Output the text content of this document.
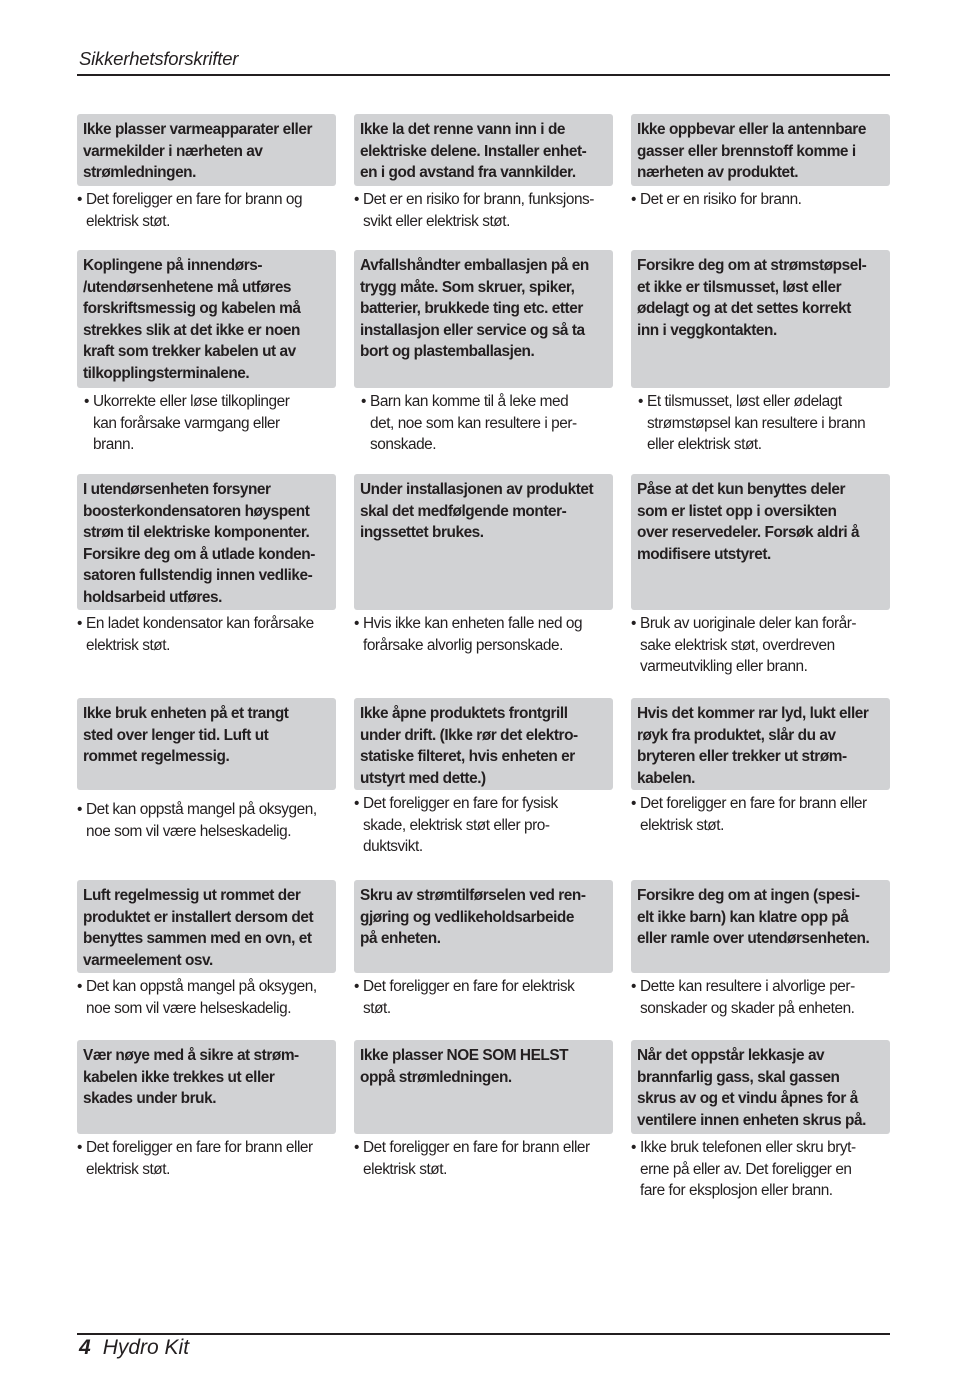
Sikkerhetsforskrifter
Ikke plasser varmeapparater eller
varmekilder i nærheten av
strømledningen.
• Det foreligger en fare for brann og
elektrisk støt.
Ikke la det renne vann inn i de
elektriske delene. Installer enhet-
en i god avstand fra vannkilder.
• Det er en risiko for brann, funksjons-
svikt eller elektrisk støt.
Ikke oppbevar eller la antennbare
gasser eller brennstoff komme i
nærheten av produktet.
• Det er en risiko for brann.
Koplingene på innendørs-
/utendørsenhetene må utføres
forskriftsmessig og kabelen må
strekkes slik at det ikke er noen
kraft som trekker kabelen ut av
tilkopplingsterminalene.
• Ukorrekte eller løse tilkoplinger
kan forårsake varmgang eller
brann.
Avfallshåndter emballasjen på en
trygg måte. Som skruer, spiker,
batterier, brukkede ting etc. etter
installasjon eller service og så ta
bort og plastemballasjen.
• Barn kan komme til å leke med
det, noe som kan resultere i per-
sonskade.
Forsikre deg om at strømstøpsel-
et ikke er tilsmusset, løst eller
ødelagt og at det settes korrekt
inn i veggkontakten.
• Et tilsmusset, løst eller ødelagt
strømstøpsel kan resultere i brann
eller elektrisk støt.
I utendørsenheten forsyner
boosterkondensatoren høyspent
strøm til elektriske komponenter.
Forsikre deg om å utlade konden-
satoren fullstendig innen vedlike-
holdsarbeid utføres.
• En ladet kondensator kan forårsake
elektrisk støt.
Under installasjonen av produktet
skal det medfølgende monter-
ingssettet brukes.
• Hvis ikke kan enheten falle ned og
forårsake alvorlig personskade.
Påse at det kun benyttes deler
som er listet opp i oversikten
over reservedeler. Forsøk aldri å
modifisere utstyret.
• Bruk av uoriginale deler kan forår-
sake elektrisk støt, overdreven
varmeutvikling eller brann.
Ikke bruk enheten på et trangt
sted over lenger tid. Luft ut
rommet regelmessig.
• Det kan oppstå mangel på oksygen,
noe som vil være helseskadelig.
Ikke åpne produktets frontgrill
under drift. (Ikke rør det elektro-
statiske filteret, hvis enheten er
utstyrt med dette.)
• Det foreligger en fare for fysisk
skade, elektrisk støt eller pro-
duktsvikt.
Hvis det kommer rar lyd, lukt eller
røyk fra produktet, slår du av
bryteren eller trekker ut strøm-
kabelen.
• Det foreligger en fare for brann eller
elektrisk støt.
Luft regelmessig ut rommet der
produktet er installert dersom det
benyttes sammen med en ovn, et
varmeelement osv.
• Det kan oppstå mangel på oksygen,
noe som vil være helseskadelig.
Skru av strømtilførselen ved ren-
gjøring og vedlikeholdsarbeide
på enheten.
• Det foreligger en fare for elektrisk
støt.
Forsikre deg om at ingen (spesi-
elt ikke barn) kan klatre opp på
eller ramle over utendørsenheten.
• Dette kan resultere i alvorlige per-
sonskader og skader på enheten.
Vær nøye med å sikre at strøm-
kabelen ikke trekkes ut eller
skades under bruk.
• Det foreligger en fare for brann eller
elektrisk støt.
Ikke plasser NOE SOM HELST
oppå strømledningen.
• Det foreligger en fare for brann eller
elektrisk støt.
Når det oppstår lekkasje av
brannfarlig gass, skal gassen
skrus av og et vindu åpnes for å
ventilere innen enheten skrus på.
• Ikke bruk telefonen eller skru bryt-
erne på eller av. Det foreligger en
fare for eksplosjon eller brann.
4 Hydro Kit
